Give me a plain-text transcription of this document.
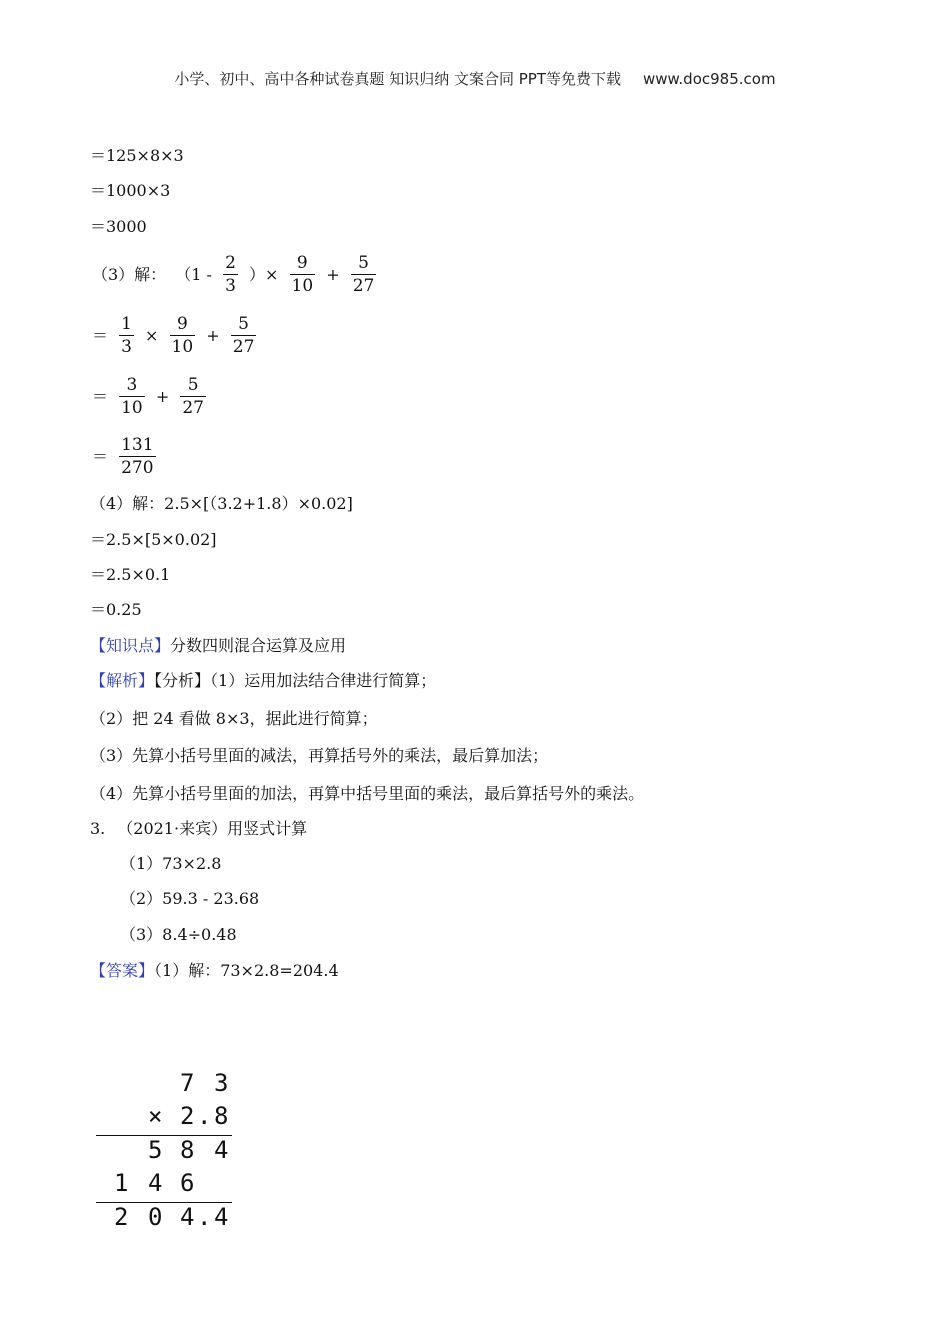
小学、初中、高中各种试卷真题 知识归纳 文案合同 PPT等免费下载 www.doc985.com
＝125×8×3
＝1000×3
＝3000
（3）解： （$1 - \frac{2}{3}$ ）× $\frac{9}{10} + \frac{5}{27}$
＝ $\frac{1}{3} \times \frac{9}{10} + \frac{5}{27}$
＝ $\frac{3}{10} + \frac{5}{27}$
＝ $\frac{131}{270}$
（4）解：2.5×[（3.2+1.8）×0.02]
＝2.5×[5×0.02]
＝2.5×0.1
＝0.25
【知识点】分数四则混合运算及应用
【解析】【分析】（1）运用加法结合律进行简算；
（2）把 24 看做 8×3，据此进行简算；
（3）先算小括号里面的减法，再算括号外的乘法，最后算加法；
（4）先算小括号里面的加法，再算中括号里面的乘法，最后算括号外的乘法。
3. （2021·来宾）用竖式计算
（1）73×2.8
（2）59.3 - 23.68
（3）8.4÷0.48
【答案】（1）解：73×2.8=204.4
7 3
× 2 . 8
5 8 4
1 4 6
2 0 4 . 4
